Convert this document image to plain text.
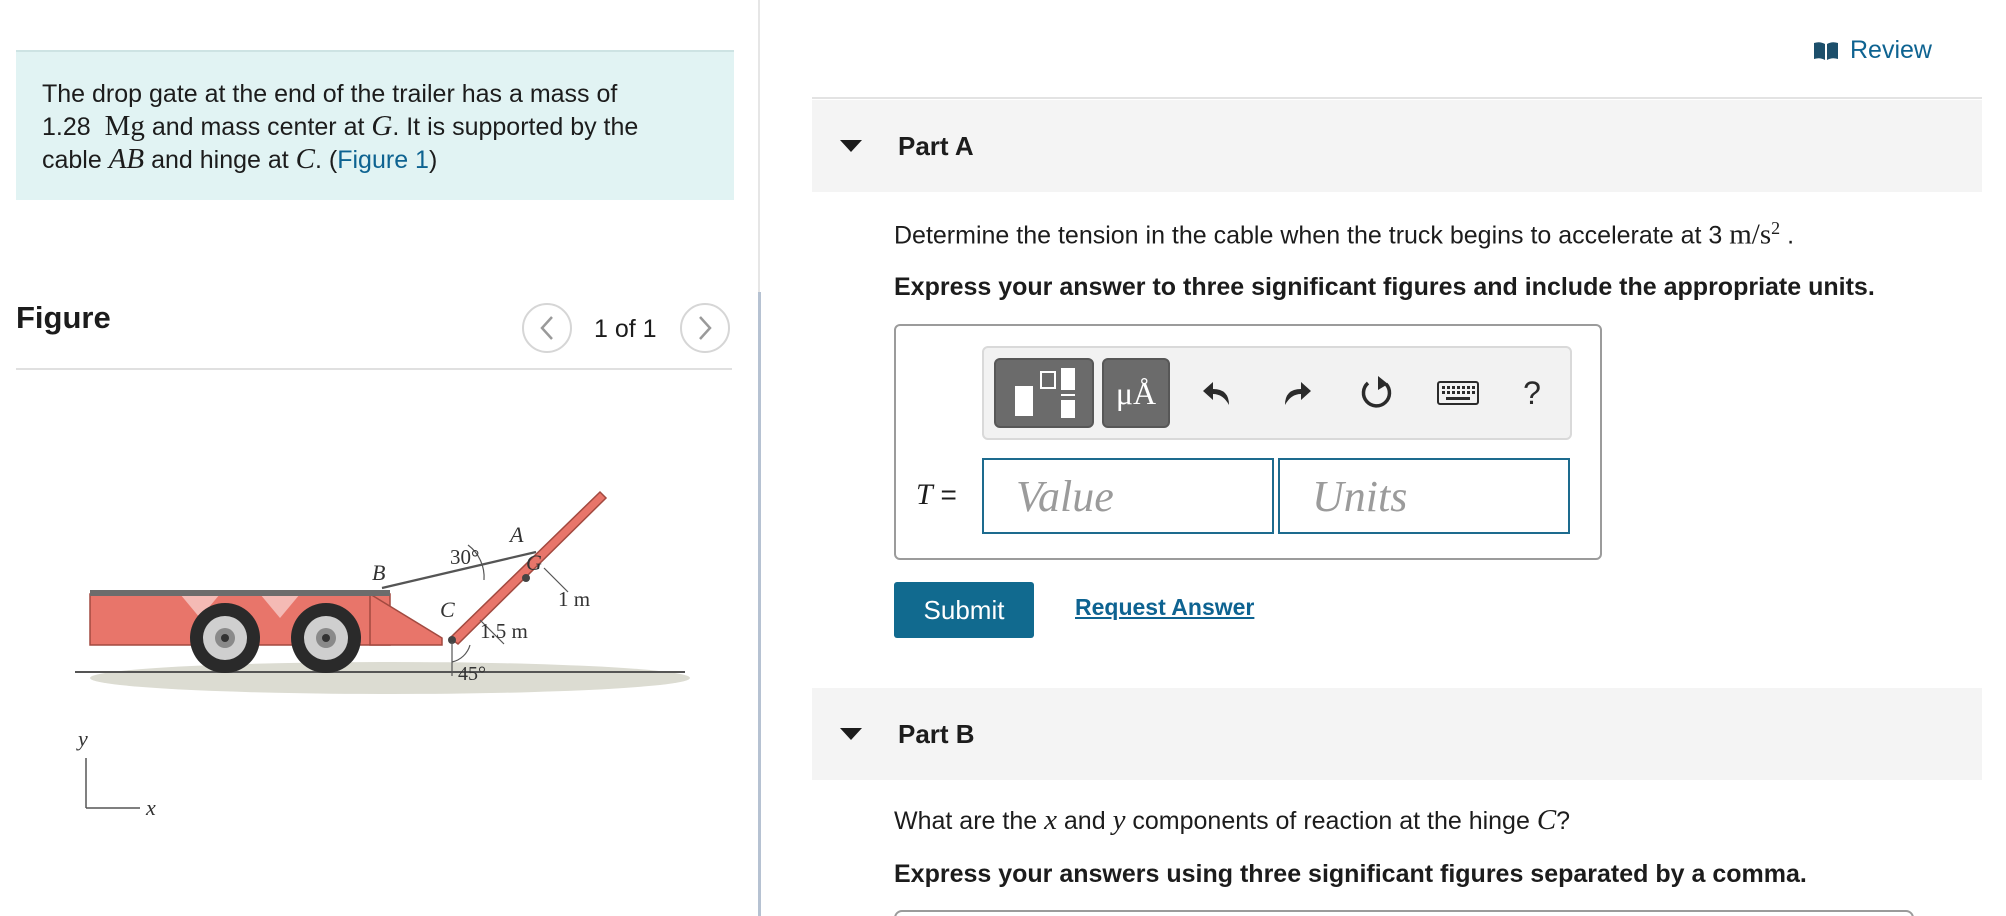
The drop gate at the end of the trailer has a mass of
1.28 Mg and mass center at G. It is supported by the
cable AB and hinge at C. (Figure 1)
Figure	1 of 1
A
B
C
G
30°
1 m
1.5 m
45°
y
x
Review
Part A
Determine the tension in the cable when the truck begins to accelerate at 3 $m/s^2$ .
Express your answer to three significant figures and include the appropriate units.
μÅ	?
T =	Value	Units
Submit	Request Answer
Part B
What are the x and y components of reaction at the hinge C?
Express your answers using three significant figures separated by a comma.
